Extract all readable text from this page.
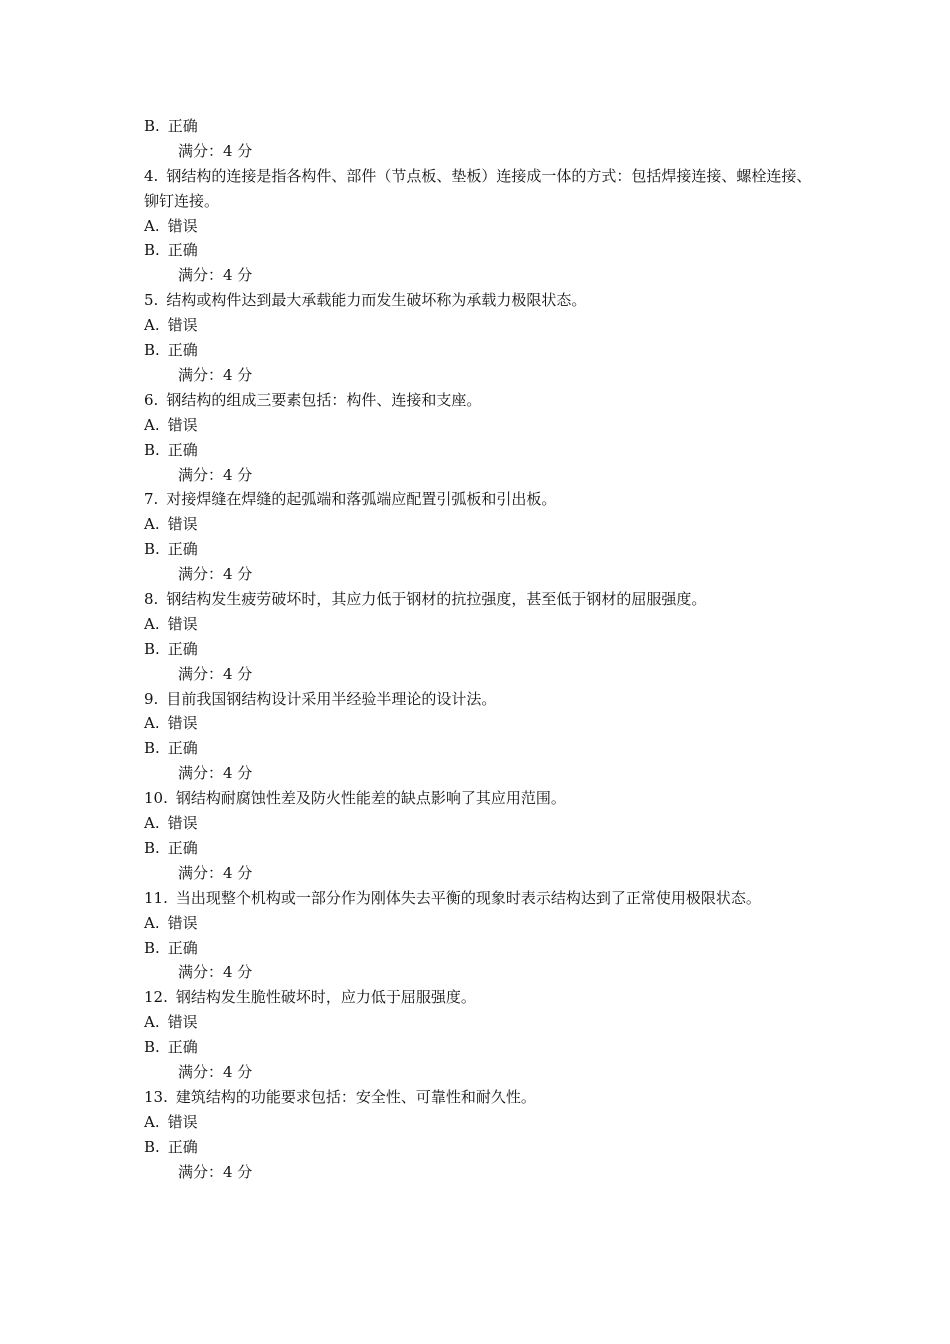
B. 正确
满分：4 分
4. 钢结构的连接是指各构件、部件（节点板、垫板）连接成一体的方式：包括焊接连接、螺栓连接、铆钉连接。
A. 错误
B. 正确
满分：4 分
5. 结构或构件达到最大承载能力而发生破坏称为承载力极限状态。
A. 错误
B. 正确
满分：4 分
6. 钢结构的组成三要素包括：构件、连接和支座。
A. 错误
B. 正确
满分：4 分
7. 对接焊缝在焊缝的起弧端和落弧端应配置引弧板和引出板。
A. 错误
B. 正确
满分：4 分
8. 钢结构发生疲劳破坏时，其应力低于钢材的抗拉强度，甚至低于钢材的屈服强度。
A. 错误
B. 正确
满分：4 分
9. 目前我国钢结构设计采用半经验半理论的设计法。
A. 错误
B. 正确
满分：4 分
10. 钢结构耐腐蚀性差及防火性能差的缺点影响了其应用范围。
A. 错误
B. 正确
满分：4 分
11. 当出现整个机构或一部分作为刚体失去平衡的现象时表示结构达到了正常使用极限状态。
A. 错误
B. 正确
满分：4 分
12. 钢结构发生脆性破坏时，应力低于屈服强度。
A. 错误
B. 正确
满分：4 分
13. 建筑结构的功能要求包括：安全性、可靠性和耐久性。
A. 错误
B. 正确
满分：4 分
